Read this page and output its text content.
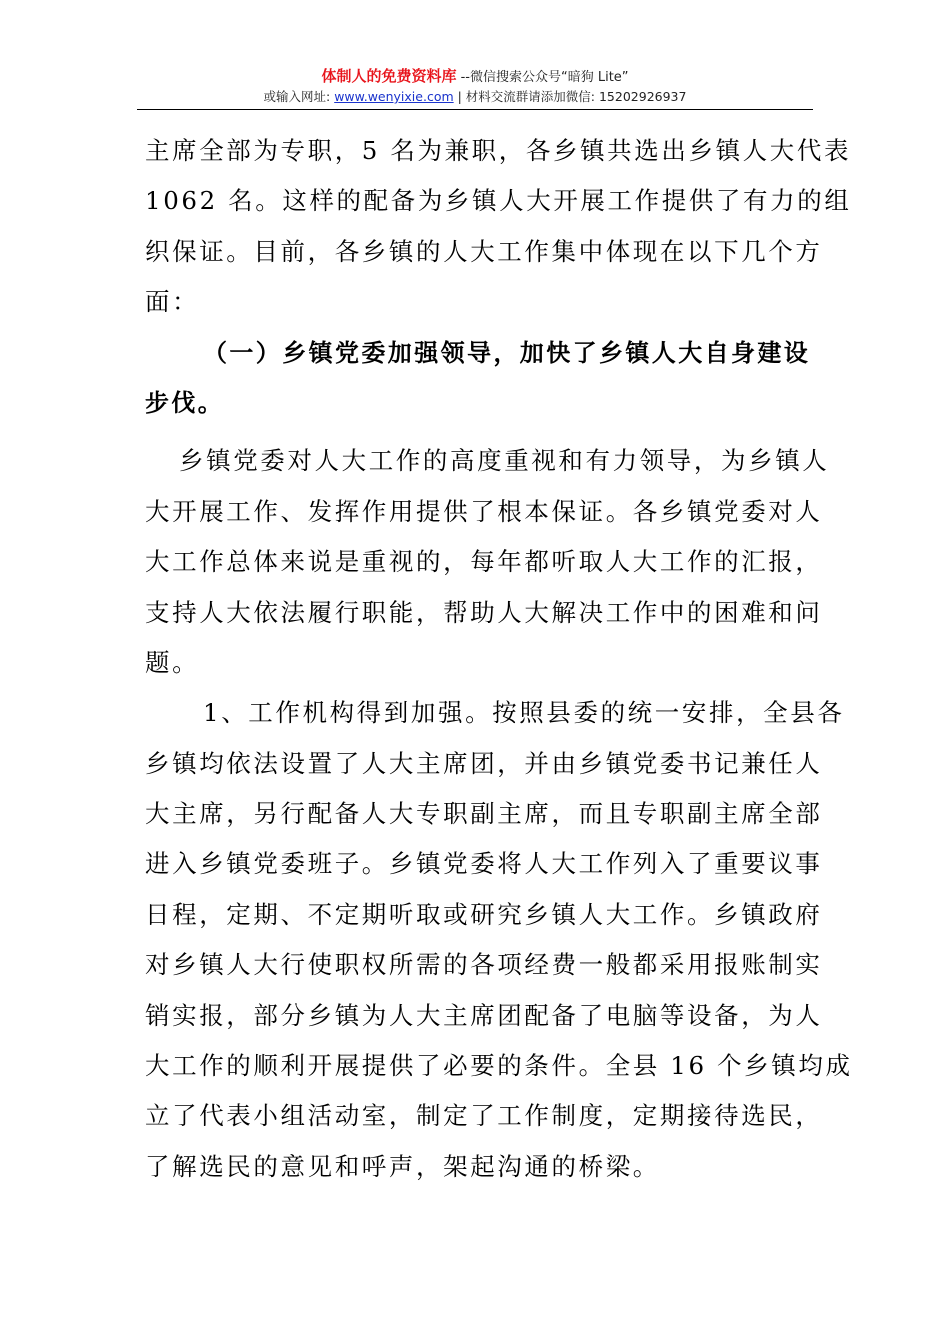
体制人的免费资料库 --微信搜索公众号“暗狗 Lite”
或输入网址: www.wenyixie.com | 材料交流群请添加微信: 15202926937
主席全部为专职，5 名为兼职，各乡镇共选出乡镇人大代表
1062 名。这样的配备为乡镇人大开展工作提供了有力的组
织保证。目前，各乡镇的人大工作集中体现在以下几个方
面：
（一）乡镇党委加强领导，加快了乡镇人大自身建设
步伐。
乡镇党委对人大工作的高度重视和有力领导，为乡镇人
大开展工作、发挥作用提供了根本保证。各乡镇党委对人
大工作总体来说是重视的，每年都听取人大工作的汇报，
支持人大依法履行职能，帮助人大解决工作中的困难和问
题。
1、工作机构得到加强。按照县委的统一安排，全县各
乡镇均依法设置了人大主席团，并由乡镇党委书记兼任人
大主席，另行配备人大专职副主席，而且专职副主席全部
进入乡镇党委班子。乡镇党委将人大工作列入了重要议事
日程，定期、不定期听取或研究乡镇人大工作。乡镇政府
对乡镇人大行使职权所需的各项经费一般都采用报账制实
销实报，部分乡镇为人大主席团配备了电脑等设备，为人
大工作的顺利开展提供了必要的条件。全县 16 个乡镇均成
立了代表小组活动室，制定了工作制度，定期接待选民，
了解选民的意见和呼声，架起沟通的桥梁。
